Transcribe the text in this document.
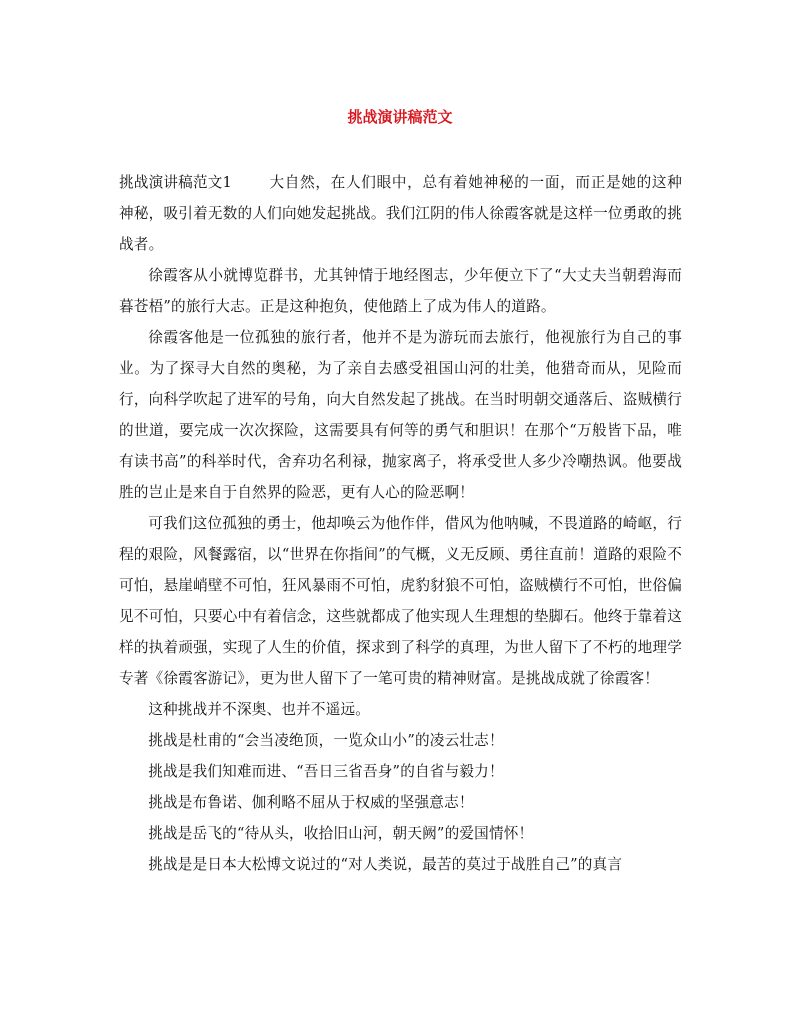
挑战演讲稿范文

挑战演讲稿范文1	大自然，在人们眼中，总有着她神秘的一面，而正是她的这种神秘，吸引着无数的人们向她发起挑战。我们江阴的伟人徐霞客就是这样一位勇敢的挑战者。

徐霞客从小就博览群书，尤其钟情于地经图志，少年便立下了“大丈夫当朝碧海而暮苍梧”的旅行大志。正是这种抱负，使他踏上了成为伟人的道路。

徐霞客他是一位孤独的旅行者，他并不是为游玩而去旅行，他视旅行为自己的事业。为了探寻大自然的奥秘，为了亲自去感受祖国山河的壮美，他猎奇而从，见险而行，向科学吹起了进军的号角，向大自然发起了挑战。在当时明朝交通落后、盗贼横行的世道，要完成一次次探险，这需要具有何等的勇气和胆识！在那个“万般皆下品，唯有读书高”的科举时代，舍弃功名利禄，抛家离子，将承受世人多少冷嘲热讽。他要战胜的岂止是来自于自然界的险恶，更有人心的险恶啊！

可我们这位孤独的勇士，他却唤云为他作伴，借风为他呐喊，不畏道路的崎岖，行程的艰险，风餐露宿，以“世界在你指间”的气概，义无反顾、勇往直前！道路的艰险不可怕，悬崖峭壁不可怕，狂风暴雨不可怕，虎豹豺狼不可怕，盗贼横行不可怕，世俗偏见不可怕，只要心中有着信念，这些就都成了他实现人生理想的垫脚石。他终于靠着这样的执着顽强，实现了人生的价值，探求到了科学的真理，为世人留下了不朽的地理学专著《徐霞客游记》，更为世人留下了一笔可贵的精神财富。是挑战成就了徐霞客！

这种挑战并不深奥、也并不遥远。

挑战是杜甫的“会当凌绝顶，一览众山小”的凌云壮志！

挑战是我们知难而进、“吾日三省吾身”的自省与毅力！

挑战是布鲁诺、伽利略不屈从于权威的坚强意志！

挑战是岳飞的“待从头，收拾旧山河，朝天阙”的爱国情怀！

挑战是是日本大松博文说过的“对人类说，最苦的莫过于战胜自己”的真言
